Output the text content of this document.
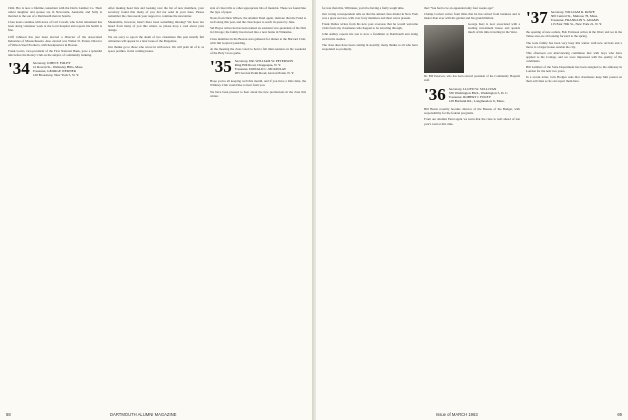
1962. Bro is now a lifetime consultant with the Davis Lumber Co. Their oldest daughter and spouse are in Newcastle, Australia, and Sally is married to the son of a Dartmouth man in Seattle.

Class notes continue with news of Carl Cowell, who in his retirement has been doing volunteer work at the local hospital and reports his health is fine.

Cliff Johnson has just been elected a Director of the Associated Industries of Massachusetts. Also elected was Walter D. Patten, Director of Wilson Steel Products, with headquarters in Boston.

Frank Lewis, vice-president of the First National Bank, gave a splendid talk before the Rotary Club on the subject of community banking.

'34 Secretary, JOHN F. FOLEY
12 Rowan St., Wellesley Hills, Mass.
Treasurer, GEORGE WERNER
120 Broadway, New York 5, N. Y.

After making head lists and looking over the list of new members, your secretary found that many of you did not send in your dues. Please remember the class needs your support to continue the newsletter.

Meanwhile, however, hasn't there been something missing? We have not heard from many of you this winter, so please drop a card about your doings.

We are sorry to report the death of two classmates this past month; full obituaries will appear in a later issue of the Magazine.

Our thanks go to those who wrote in with news. We will print all of it, as space permits, in the coming issues.

side of class bills or other appropriate bits of material. These we found like the type of paper.

Notes from Dick Wilson, the Alumni Fund agent, indicate that the Fund is well along this year, and the class hopes to reach its quota by June.

Sid Hayes writes he has been named an assistant vice-president of his firm in Chicago; the family has moved into a new home in Winnetka.

Class members in the Boston area gathered for dinner at the Harvard Club, with Jim Gaylord presiding.

At the meeting the class voted to hold a fall mini-reunion on the weekend of the Holy Cross game.

'35 Secretary, DR. WILLIAM W. PETERSON
Ring Hill Road, Chappaqua, N. Y.
Treasurer, DONALD C. MCKINLAY
205 Groton Point Road, Groton Point, N. Y.

Hope you're all keeping well this month, and if you have a little time, the Whitney Club would like to hear from you.

We have been pleased to hear about the new promotions in the class this winter.

68	DARTMOUTH ALUMNI MAGAZINE

for less than this, Whittaker, you'd be having a fairly tough time.

Our roving correspondent tells us that the annual class dinner in New York was a great success, with over forty members and their wives present.

Frank Dulles writes from his new post overseas that he would welcome visits from any classmates who happen to be traveling through.

John Ashley reports his son is now a freshman at Dartmouth and doing well in his studies.

The class dues have been coming in steadily; many thanks to all who have responded so promptly.

that: 'You had to be an appendectomy four weeks ago!'

Champ Corbett writes from Ohio that he has retired from business and is busier than ever with his garden and his grandchildren.

George Kerr is now associated with a leading investment house and spends much of his time traveling in the West.

Dr. Bill Peterson, who has been elected president of the Community Hospital staff.
'36 Secretary, LLOYD W. SULLIVAN
330 Washington Blvd., Washington 5, D. C.
Treasurer, ROBERT J. FOLEY
129 Burbank Rd., Longmeadow 6, Mass.

Bill Burns recently became director of the Bureau of the Budget, with responsibility for the federal programs.

From our Alumni Fund agent we learn that the class is well ahead of last year's total at this time.

'37 Secretary, WILLIAM R. ROWE
300 Central St., Melrose 76, Mass.
Treasurer, FRANKLIN S. ADAMS
115 East 70th St., New York 21, N. Y.

the opening of new outlets, Bob Erickson writes in the West; and we in the Tahoe area are all looking forward to the spring.

The Gale family has been very busy this winter with new arrivals and a move to a larger house outside the city.

This afternoon our interviewing committee met with boys who have applied to the College, and we were impressed with the quality of the candidates.

Bill Lambert of the State Department has been assigned to the embassy in London for the next two years.

In a recent letter, Jack Hodges asks that classmates keep him posted on their activities so he can report them here.

Issue of MARCH 1963	69
